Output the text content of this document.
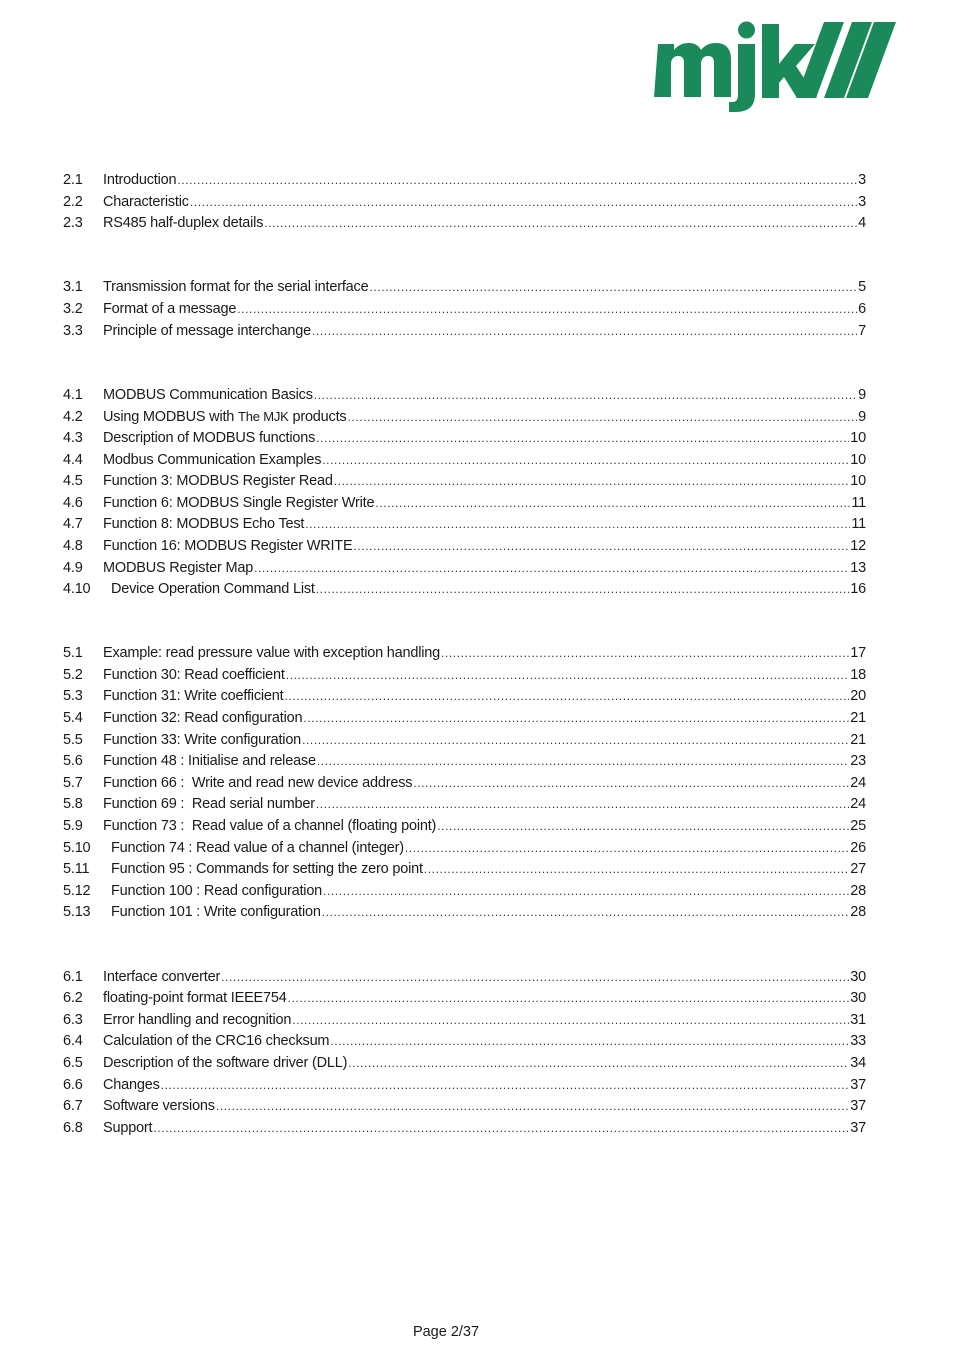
2.1	Introduction .....	3
2.2	Characteristic .....	3
2.3	RS485 half-duplex details .....	4
3.1	Transmission format for the serial interface .....	5
3.2	Format of a message .....	6
3.3	Principle of message interchange .....	7
4.1	MODBUS Communication Basics .....	9
4.2	Using MODBUS with The MJK products .....	9
4.3	Description of MODBUS functions .....	10
4.4	Modbus Communication Examples .....	10
4.5	Function 3: MODBUS Register Read .....	10
4.6	Function 6: MODBUS Single Register Write .....	11
4.7	Function 8: MODBUS Echo Test .....	11
4.8	Function 16: MODBUS Register WRITE .....	12
4.9	MODBUS Register Map .....	13
4.10	Device Operation Command List .....	16
5.1	Example: read pressure value with exception handling .....	17
5.2	Function 30: Read coefficient .....	18
5.3	Function 31: Write coefficient .....	20
5.4	Function 32: Read configuration .....	21
5.5	Function 33: Write configuration .....	21
5.6	Function 48 : Initialise and release .....	23
5.7	Function 66 :  Write and read new device address .....	24
5.8	Function 69 :  Read serial number .....	24
5.9	Function 73 :  Read value of a channel (floating point) .....	25
5.10	Function 74 : Read value of a channel (integer) .....	26
5.11	Function 95 : Commands for setting the zero point .....	27
5.12	Function 100 : Read configuration .....	28
5.13	Function 101 : Write configuration .....	28
6.1	Interface converter .....	30
6.2	floating-point format IEEE754 .....	30
6.3	Error handling and recognition .....	31
6.4	Calculation of the CRC16 checksum .....	33
6.5	Description of the software driver (DLL) .....	34
6.6	Changes .....	37
6.7	Software versions .....	37
6.8	Support .....	37
Page 2/37
